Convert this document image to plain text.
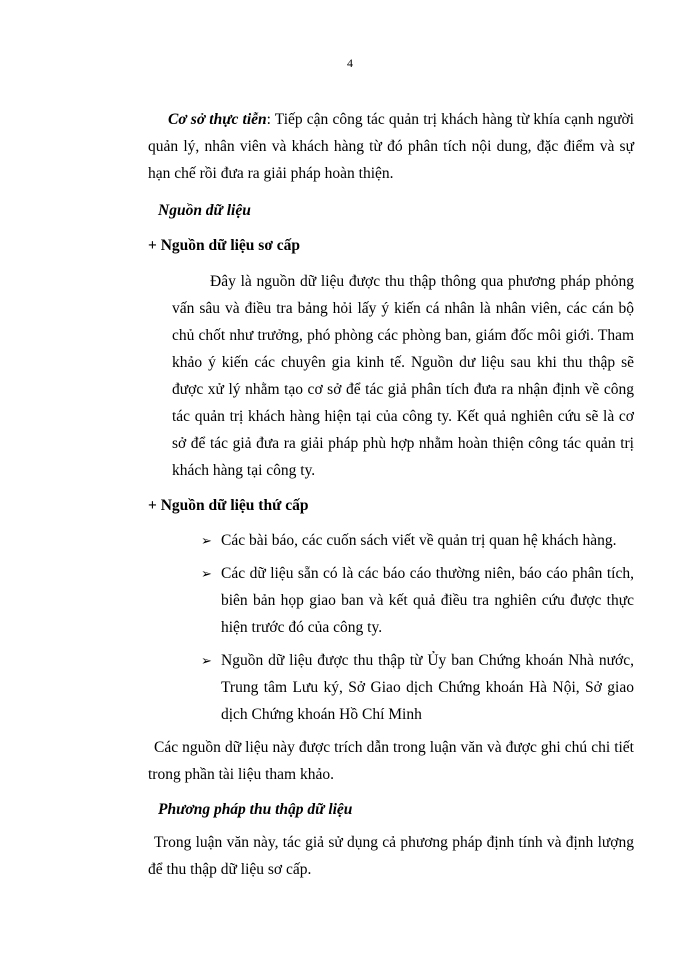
4

Cơ sở thực tiễn: Tiếp cận công tác quản trị khách hàng từ khía cạnh người quản lý, nhân viên và khách hàng từ đó phân tích nội dung, đặc điểm và sự hạn chế rồi đưa ra giải pháp hoàn thiện.

Nguồn dữ liệu

+ Nguồn dữ liệu sơ cấp

Đây là nguồn dữ liệu được thu thập thông qua phương pháp phỏng vấn sâu và điều tra bảng hỏi lấy ý kiến cá nhân là nhân viên, các cán bộ chủ chốt như trưởng, phó phòng các phòng ban, giám đốc môi giới. Tham khảo ý kiến các chuyên gia kinh tế. Nguồn dư liệu sau khi thu thập sẽ được xử lý nhằm tạo cơ sở để tác giả phân tích đưa ra nhận định về công tác quản trị khách hàng hiện tại của công ty. Kết quả nghiên cứu sẽ là cơ sở để tác giả đưa ra giải pháp phù hợp nhằm hoàn thiện công tác quản trị khách hàng tại công ty.

+ Nguồn dữ liệu thứ cấp

➢ Các bài báo, các cuốn sách viết về quản trị quan hệ khách hàng.
➢ Các dữ liệu sẵn có là các báo cáo thường niên, báo cáo phân tích, biên bản họp giao ban và kết quả điều tra nghiên cứu được thực hiện trước đó của công ty.
➢ Nguồn dữ liệu được thu thập từ Ủy ban Chứng khoán Nhà nước, Trung tâm Lưu ký, Sở Giao dịch Chứng khoán Hà Nội, Sở giao dịch Chứng khoán Hồ Chí Minh

Các nguồn dữ liệu này được trích dẫn trong luận văn và được ghi chú chi tiết trong phần tài liệu tham khảo.

Phương pháp thu thập dữ liệu

Trong luận văn này, tác giả sử dụng cả phương pháp định tính và định lượng để thu thập dữ liệu sơ cấp.
